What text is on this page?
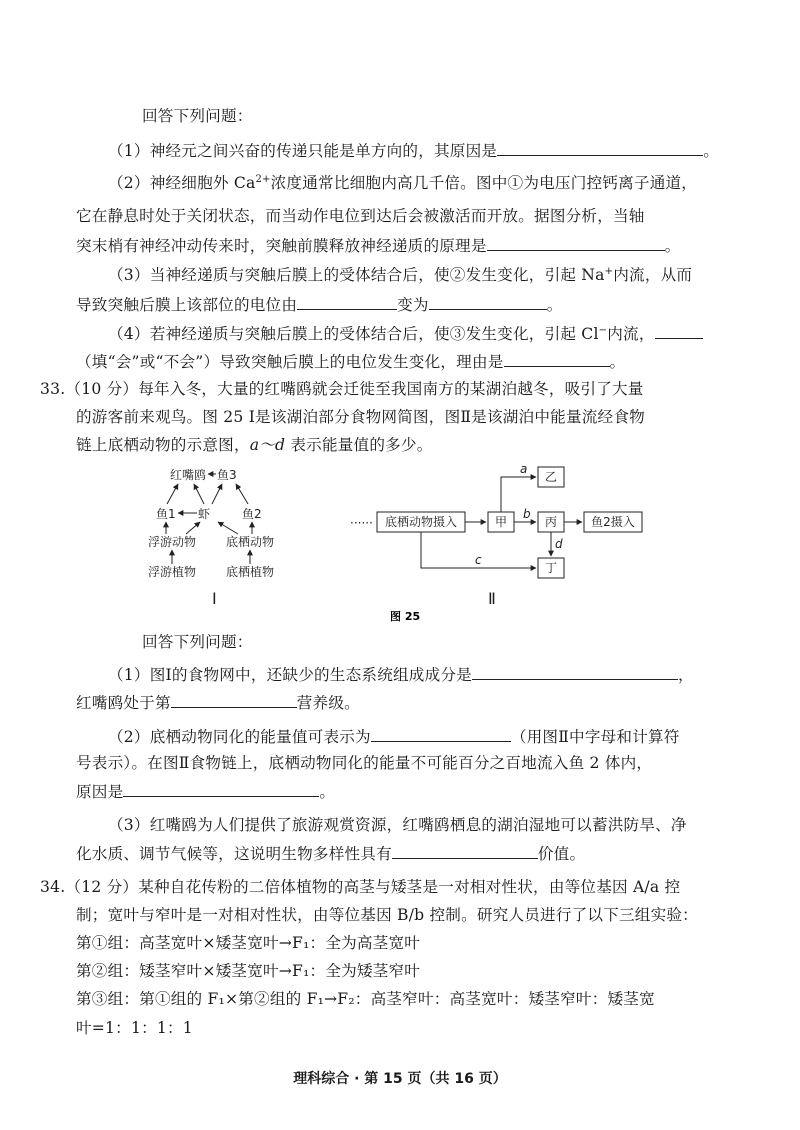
回答下列问题：
（1）神经元之间兴奋的传递只能是单方向的，其原因是	。
（2）神经细胞外 $Ca^{2+}$浓度通常比细胞内高几千倍。图中①为电压门控钙离子通道，
它在静息时处于关闭状态，而当动作电位到达后会被激活而开放。据图分析，当轴
突末梢有神经冲动传来时，突触前膜释放神经递质的原理是	。
（3）当神经递质与突触后膜上的受体结合后，使②发生变化，引起 Na+内流，从而
导致突触后膜上该部位的电位由	变为	。
（4）若神经递质与突触后膜上的受体结合后，使③发生变化，引起 Cl−内流，
（填“会”或“不会”）导致突触后膜上的电位发生变化，理由是	。
33.（10 分）每年入冬，大量的红嘴鸥就会迁徙至我国南方的某湖泊越冬，吸引了大量
的游客前来观鸟。图 25 Ⅰ是该湖泊部分食物网简图，图Ⅱ是该湖泊中能量流经食物
链上底栖动物的示意图，a～d 表示能量值的多少。
红嘴鸥 鱼3
鱼1 虾	鱼2
浮游动物 底栖动物
浮游植物 底栖植物
Ⅰ
······ 底栖动物摄入	甲
乙
丙
丁
鱼2摄入
a
b
c
d
Ⅱ
图 25
回答下列问题：
（1）图Ⅰ的食物网中，还缺少的生态系统组成成分是	，
红嘴鸥处于第	营养级。
（2）底栖动物同化的能量值可表示为	（用图Ⅱ中字母和计算符
号表示）。在图Ⅱ食物链上，底栖动物同化的能量不可能百分之百地流入鱼 2 体内，
原因是	。
（3）红嘴鸥为人们提供了旅游观赏资源，红嘴鸥栖息的湖泊湿地可以蓄洪防旱、净
化水质、调节气候等，这说明生物多样性具有	价值。
34.（12 分）某种自花传粉的二倍体植物的高茎与矮茎是一对相对性状，由等位基因 A/a 控
制；宽叶与窄叶是一对相对性状，由等位基因 B/b 控制。研究人员进行了以下三组实验：
第①组：高茎宽叶×矮茎宽叶→F₁：全为高茎宽叶
第②组：矮茎窄叶×矮茎宽叶→F₁：全为矮茎窄叶
第③组：第①组的 F₁×第②组的 F₁→F₂：高茎窄叶：高茎宽叶：矮茎窄叶：矮茎宽
叶=1：1：1：1
理科综合 · 第 15 页（共 16 页）
